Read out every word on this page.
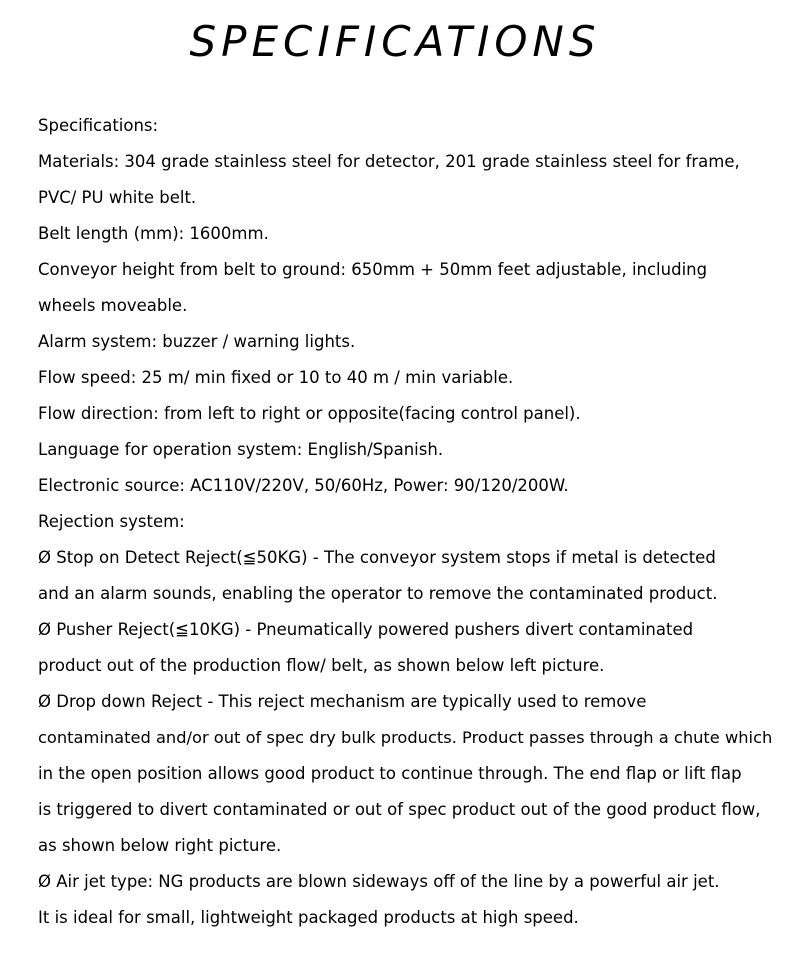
SPECIFICATIONS
Specifications:
Materials: 304 grade stainless steel for detector, 201 grade stainless steel for frame,
PVC/ PU white belt.
Belt length (mm): 1600mm.
Conveyor height from belt to ground: 650mm + 50mm feet adjustable, including
wheels moveable.
Alarm system: buzzer / warning lights.
Flow speed: 25 m/ min fixed or 10 to 40 m / min variable.
Flow direction: from left to right or opposite(facing control panel).
Language for operation system: English/Spanish.
Electronic source: AC110V/220V, 50/60Hz, Power: 90/120/200W.
Rejection system:
Ø Stop on Detect Reject(≦50KG) - The conveyor system stops if metal is detected
and an alarm sounds, enabling the operator to remove the contaminated product.
Ø Pusher Reject(≦10KG) - Pneumatically powered pushers divert contaminated
product out of the production flow/ belt, as shown below left picture.
Ø Drop down Reject - This reject mechanism are typically used to remove
contaminated and/or out of spec dry bulk products. Product passes through a chute which
in the open position allows good product to continue through. The end flap or lift flap
is triggered to divert contaminated or out of spec product out of the good product flow,
as shown below right picture.
Ø Air jet type: NG products are blown sideways off of the line by a powerful air jet.
It is ideal for small, lightweight packaged products at high speed.
